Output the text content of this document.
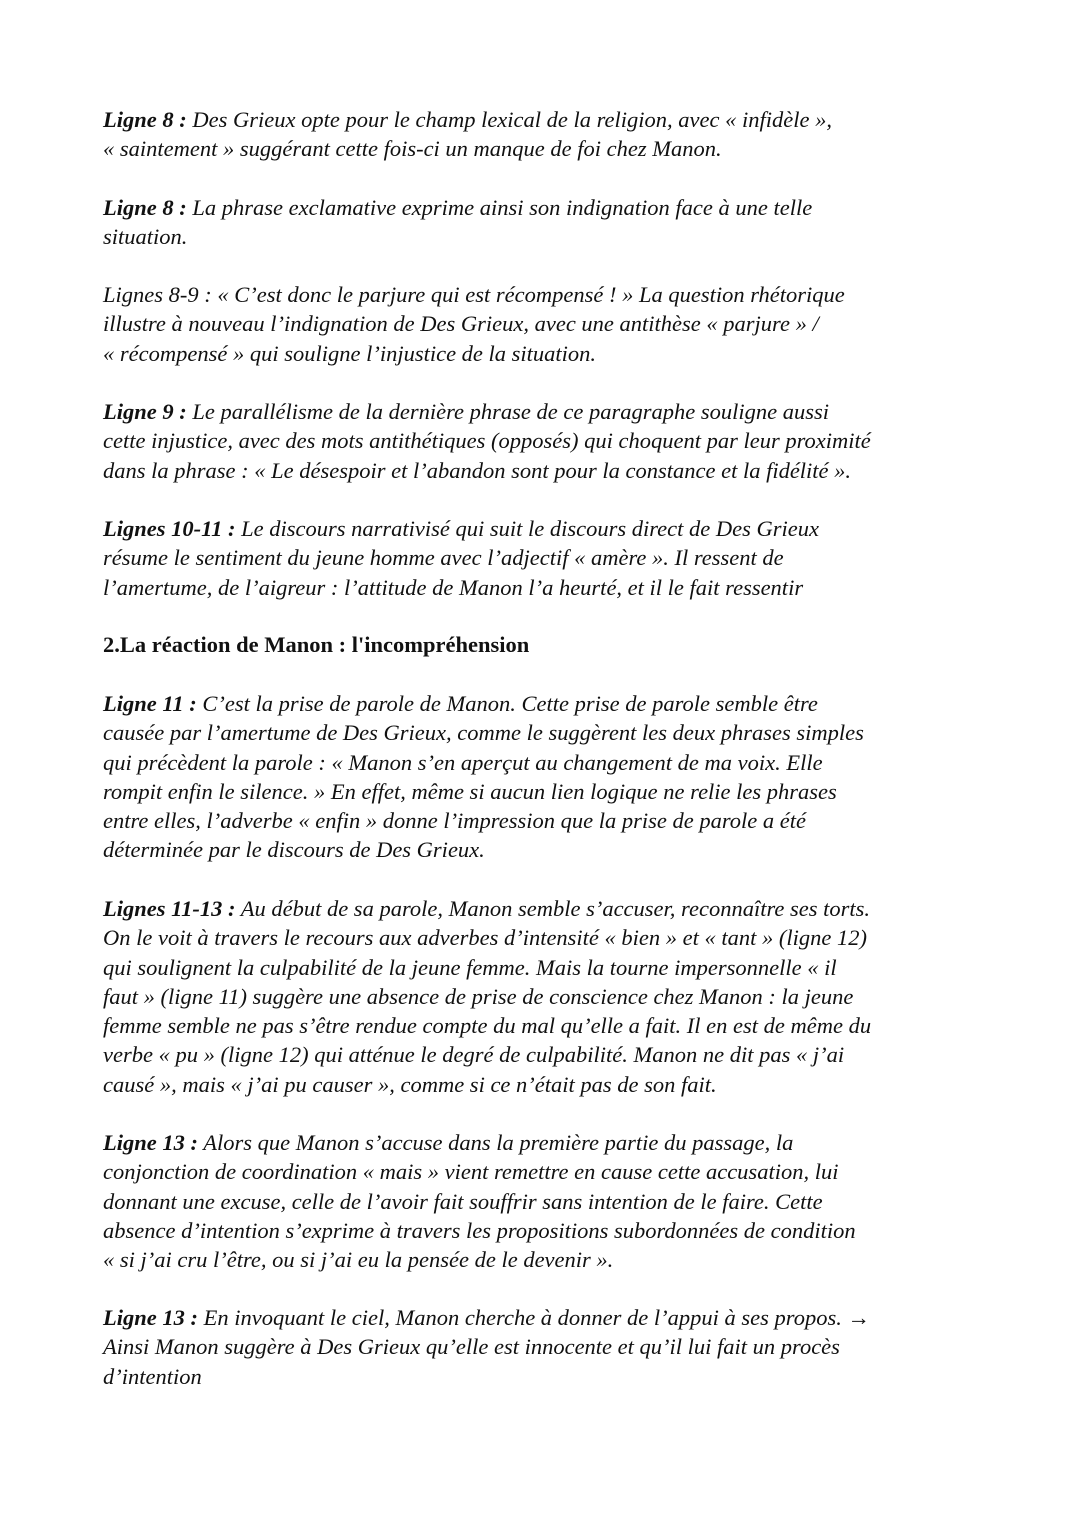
Ligne 8 : Des Grieux opte pour le champ lexical de la religion, avec « infidèle »,
« saintement » suggérant cette fois-ci un manque de foi chez Manon.

Ligne 8 : La phrase exclamative exprime ainsi son indignation face à une telle
situation.

Lignes 8-9 : « C’est donc le parjure qui est récompensé ! » La question rhétorique
illustre à nouveau l’indignation de Des Grieux, avec une antithèse « parjure » /
« récompensé » qui souligne l’injustice de la situation.

Ligne 9 : Le parallélisme de la dernière phrase de ce paragraphe souligne aussi
cette injustice, avec des mots antithétiques (opposés) qui choquent par leur proximité
dans la phrase : « Le désespoir et l’abandon sont pour la constance et la fidélité ».

Lignes 10-11 : Le discours narrativisé qui suit le discours direct de Des Grieux
résume le sentiment du jeune homme avec l’adjectif « amère ». Il ressent de
l’amertume, de l’aigreur : l’attitude de Manon l’a heurté, et il le fait ressentir

2.La réaction de Manon : l'incompréhension

Ligne 11 : C’est la prise de parole de Manon. Cette prise de parole semble être
causée par l’amertume de Des Grieux, comme le suggèrent les deux phrases simples
qui précèdent la parole : « Manon s’en aperçut au changement de ma voix. Elle
rompit enfin le silence. » En effet, même si aucun lien logique ne relie les phrases
entre elles, l’adverbe « enfin » donne l’impression que la prise de parole a été
déterminée par le discours de Des Grieux.

Lignes 11-13 : Au début de sa parole, Manon semble s’accuser, reconnaître ses torts.
On le voit à travers le recours aux adverbes d’intensité « bien » et « tant » (ligne 12)
qui soulignent la culpabilité de la jeune femme. Mais la tourne impersonnelle « il
faut » (ligne 11) suggère une absence de prise de conscience chez Manon : la jeune
femme semble ne pas s’être rendue compte du mal qu’elle a fait. Il en est de même du
verbe « pu » (ligne 12) qui atténue le degré de culpabilité. Manon ne dit pas « j’ai
causé », mais « j’ai pu causer », comme si ce n’était pas de son fait.

Ligne 13 : Alors que Manon s’accuse dans la première partie du passage, la
conjonction de coordination « mais » vient remettre en cause cette accusation, lui
donnant une excuse, celle de l’avoir fait souffrir sans intention de le faire. Cette
absence d’intention s’exprime à travers les propositions subordonnées de condition
« si j’ai cru l’être, ou si j’ai eu la pensée de le devenir ».

Ligne 13 : En invoquant le ciel, Manon cherche à donner de l’appui à ses propos. →
Ainsi Manon suggère à Des Grieux qu’elle est innocente et qu’il lui fait un procès
d’intention
